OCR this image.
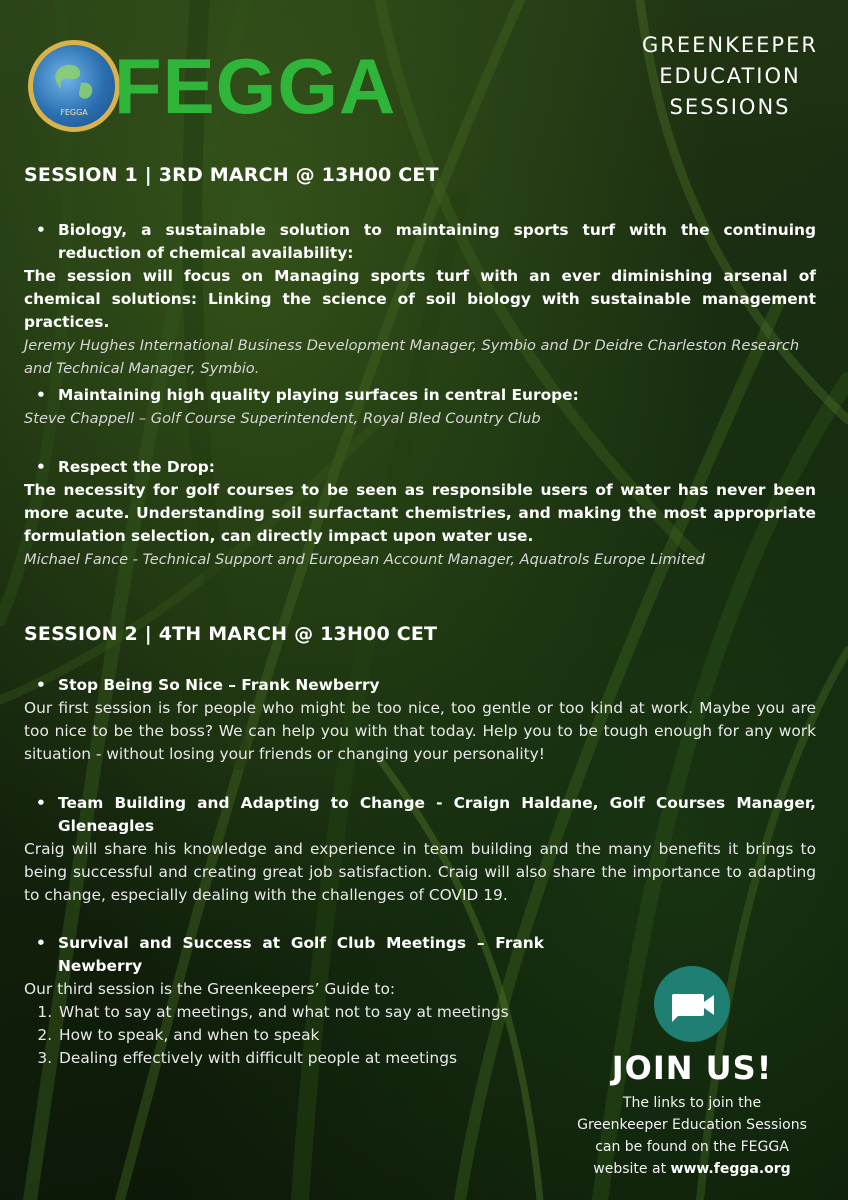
FEGGA FEGGA	GREENKEEPER
EDUCATION
SESSIONS
SESSION 1 | 3RD MARCH @ 13H00 CET
• Biology, a sustainable solution to maintaining sports turf with the continuing reduction of chemical availability:
The session will focus on Managing sports turf with an ever diminishing arsenal of chemical solutions: Linking the science of soil biology with sustainable management practices.
Jeremy Hughes International Business Development Manager, Symbio and Dr Deidre Charleston Research and Technical Manager, Symbio.
• Maintaining high quality playing surfaces in central Europe:
Steve Chappell – Golf Course Superintendent, Royal Bled Country Club
• Respect the Drop:
The necessity for golf courses to be seen as responsible users of water has never been more acute. Understanding soil surfactant chemistries, and making the most appropriate formulation selection, can directly impact upon water use.
Michael Fance - Technical Support and European Account Manager, Aquatrols Europe Limited
SESSION 2 | 4TH MARCH @ 13H00 CET
• Stop Being So Nice – Frank Newberry
Our first session is for people who might be too nice, too gentle or too kind at work. Maybe you are too nice to be the boss? We can help you with that today. Help you to be tough enough for any work situation - without losing your friends or changing your personality!
• Team Building and Adapting to Change - Craign Haldane, Golf Courses Manager, Gleneagles
Craig will share his knowledge and experience in team building and the many benefits it brings to being successful and creating great job satisfaction. Craig will also share the importance to adapting to change, especially dealing with the challenges of COVID 19.
• Survival and Success at Golf Club Meetings – Frank Newberry
Our third session is the Greenkeepers’ Guide to:
1. What to say at meetings, and what not to say at meetings
2. How to speak, and when to speak
3. Dealing effectively with difficult people at meetings	JOIN US!
The links to join the Greenkeeper Education Sessions can be found on the FEGGA website at www.fegga.org
